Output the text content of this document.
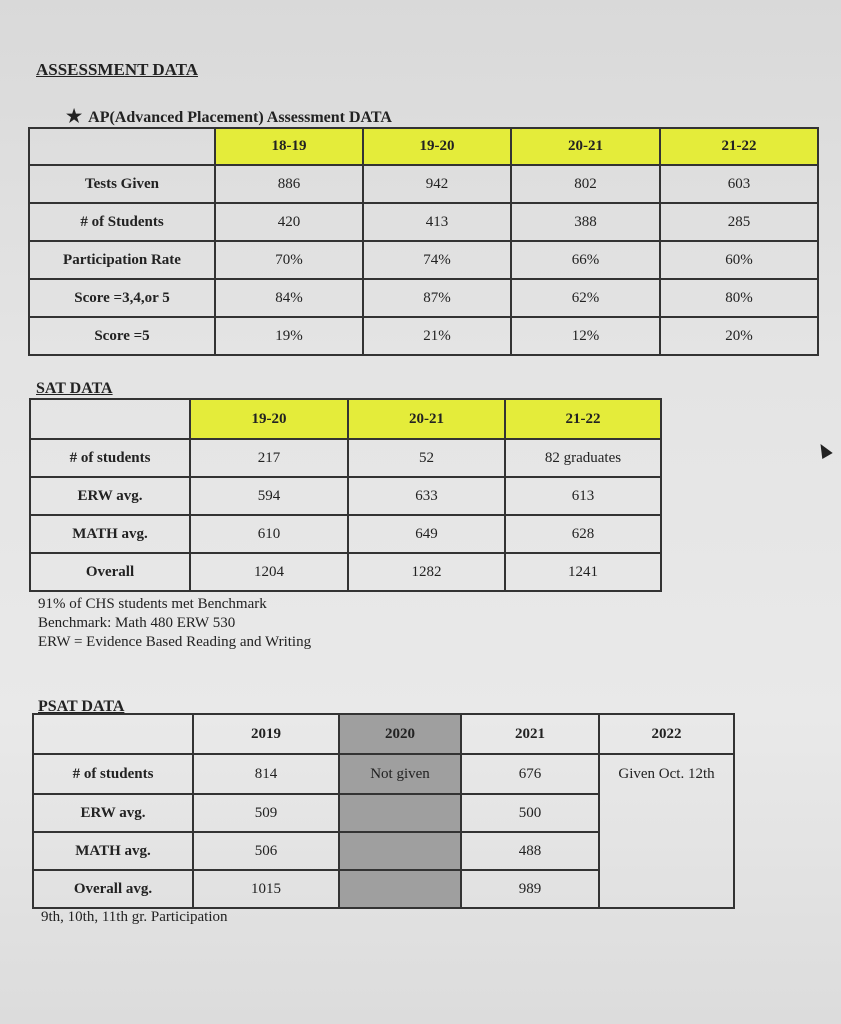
ASSESSMENT DATA
★ AP(Advanced Placement) Assessment DATA
	18-19	19-20	20-21	21-22
Tests Given	886	942	802	603
# of Students	420	413	388	285
Participation Rate	70%	74%	66%	60%
Score =3,4,or 5	84%	87%	62%	80%
Score =5	19%	21%	12%	20%
SAT DATA
	19-20	20-21	21-22
# of students	217	52	82 graduates
ERW avg.	594	633	613
MATH avg.	610	649	628
Overall	1204	1282	1241
91% of CHS students met Benchmark
Benchmark: Math 480 ERW 530
ERW = Evidence Based Reading and Writing
PSAT DATA
	2019	2020	2021	2022
# of students	814	Not given	676	Given Oct. 12th
ERW avg.	509		500	
MATH avg.	506		488	
Overall avg.	1015		989	
9th, 10th, 11th gr. Participation
